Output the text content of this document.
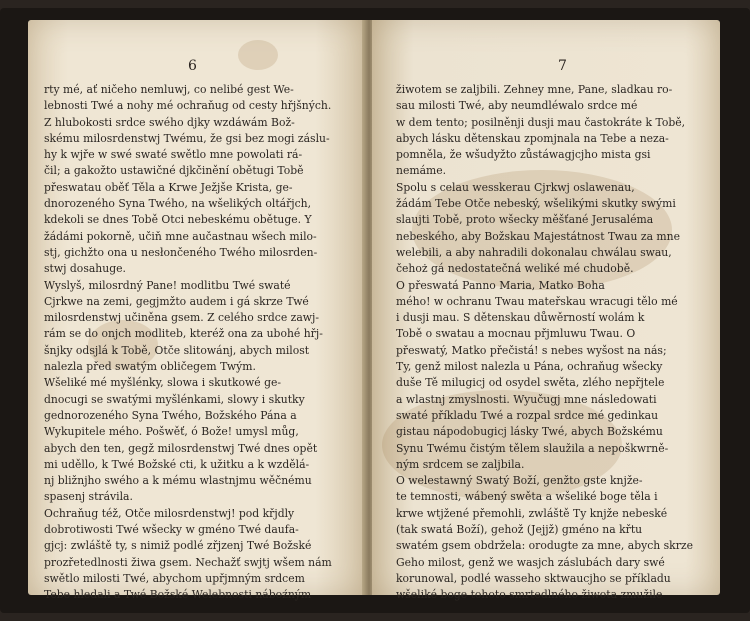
6
rty mé, ať ničeho nemluwj, co nelibé gest We-
lebnosti Twé a nohy mé ochraňug od cesty hřjšných.
Z hlubokosti srdce swého djky wzdáwám Bož-
skému milosrdenstwj Twému, že gsi bez mogi záslu-
hy k wjře w swé swaté swětlo mne powolati rá-
čil; a gakožto ustawičné djkčinění obětugi Tobě
přeswatau oběť Těla a Krwe Ježjše Krista, ge-
dnorozeného Syna Twého, na wšelikých oltářjch,
kdekoli se dnes Tobě Otci nebeskému obětuge. Y
žádámi pokorně, učiň mne aučastnau wšech milo-
stj, gichžto ona u nesłončeného Twého milosrden-
stwj dosahuge.
Wyslyš, milosrdný Pane! modlitbu Twé swaté
Cjrkwe na zemi, gegjmžto audem i gá skrze Twé
milosrdenstwj učiněna gsem. Z celého srdce zawj-
rám se do onjch modliteb, kteréž ona za ubohé hřj-
šnjky odsjlá k Tobě, Otče slitowánj, abych milost
nalezla před swatým obličegem Twým.
Wšeliké mé myšlénky, slowa i skutkowé ge-
dnocugi se swatými myšlénkami, slowy i skutky
gednorozeného Syna Twého, Božského Pána a
Wykupitele mého. Pošwěť, ó Bože! umysl můg,
abych den ten, gegž milosrdenstwj Twé dnes opět
mi uděllo, k Twé Božské cti, k užitku a k wzdělá-
nj bližnjho swého a k mému wlastnjmu wěčnému
spasenj strávila.
Ochraňug též, Otče milosrdenstwj! pod křjdly
dobrotiwosti Twé wšecky w gméno Twé daufa-
gjcj: zwláště ty, s nimiž podlé zřjzenj Twé Božské
prozřetedlnosti žiwa gsem. Nechažť swjtj wšem nám
swětlo milosti Twé, abychom upřjmným srdcem
Tebe hledali a Twé Božské Welebnosti náboźným
7
žiwotem se zaljbili. Zehney mne, Pane, sladkau ro-
sau milosti Twé, aby neumdléwalo srdce mé
w dem tento; posilněnji dusji mau častokráte k Tobě,
abych lásku dětenskau zpomjnala na Tebe a neza-
pomněla, že wšudyžto zůstáwagjcjho mista gsi
nemáme.
Spolu s celau wesskerau Cjrkwj oslawenau,
žádám Tebe Otče nebeský, wšelikými skutky swými
slaujti Tobě, proto wšecky měšťané Jerusaléma
nebeského, aby Božskau Majestátnost Twau za mne
welebili, a aby nahradili dokonalau chwálau swau,
čehoż gá nedostatečná weliké mé chudobě.
O přeswatá Panno Maria, Matko Boha
mého! w ochranu Twau mateřskau wracugi tělo mé
i dusji mau. S dětenskau důwěrností wolám k
Tobě o swatau a mocnau přjmluwu Twau. O
přeswatý, Matko přečistá! s nebes wyšost na nás;
Ty, genž milost nalezla u Pána, ochraňug wšecky
duše Tě milugicj od osydel swěta, zlého nepřjtele
a wlastnj zmyslnosti. Wyučugj mne následowati
swaté příkladu Twé a rozpal srdce mé gedinkau
gistau nápodobugicj lásky Twé, abych Božskému
Synu Twému čistým tělem slaužila a nepoškwrně-
ným srdcem se zaljbila.
O welestawný Swatý Boží, genžto gste knjže-
te temnosti, wábený swěta a wšeliké boge těla i
krwe wtjžené přemohli, zwláště Ty knjže nebeské
(tak swatá Boží), gehož (Jejjž) gméno na křtu
swatém gsem obdržela: orodugte za mne, abych skrze
Geho milost, genž we wasjch záslubách dary swé
korunowal, podlé wasseho sktwaucjho se příkladu
wšeliké boge tohoto smrtedlného žiwota zmužile
